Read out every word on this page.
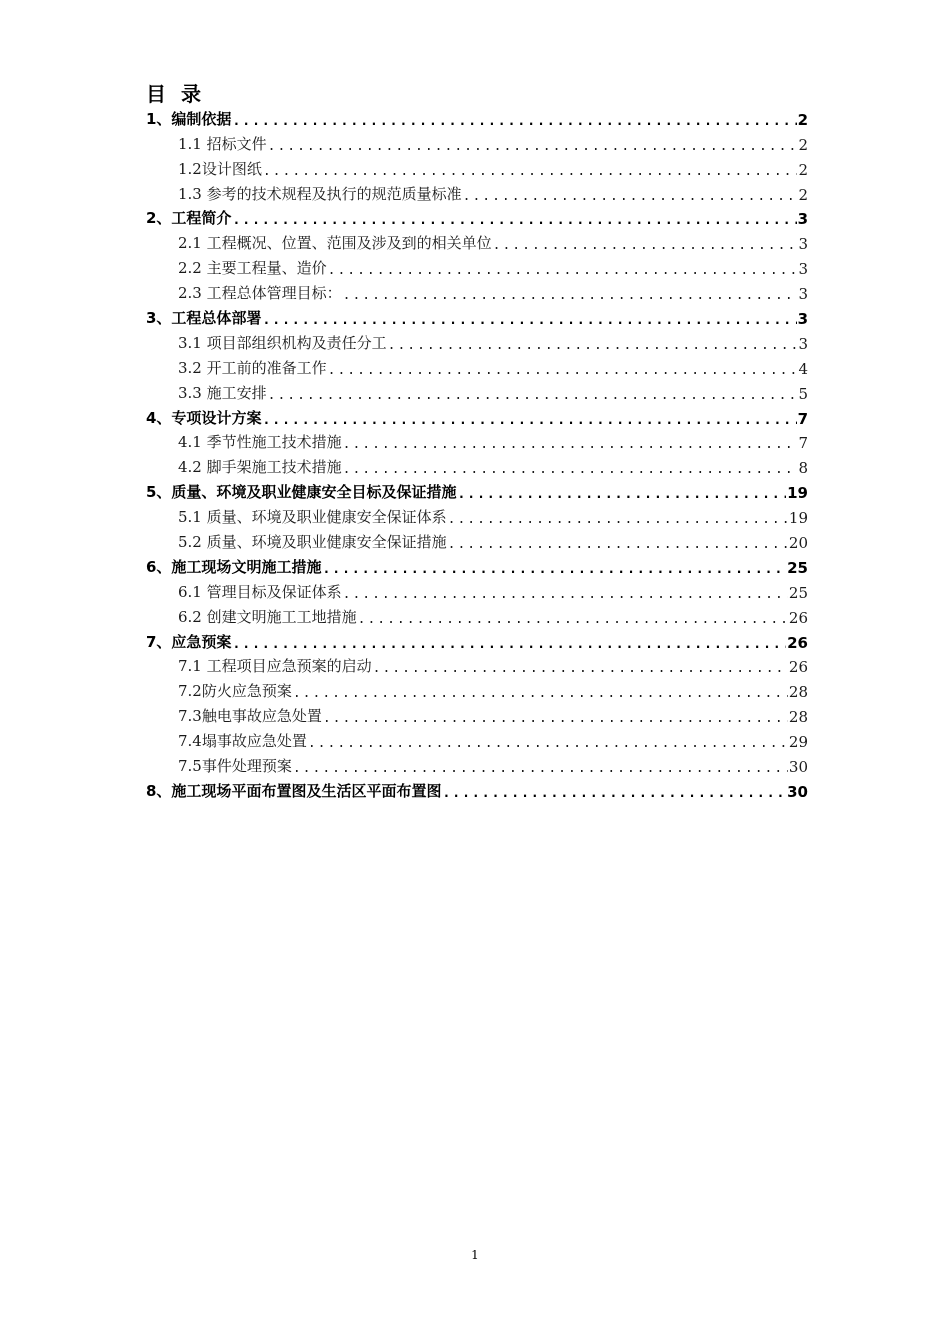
目 录
1、编制依据 .....	2
1.1 招标文件 .....	2
1.2设计图纸 .....	2
1.3 参考的技术规程及执行的规范质量标准 .....	2
2、工程简介 .....	3
2.1 工程概况、位置、范围及涉及到的相关单位 .....	3
2.2 主要工程量、造价 .....	3
2.3 工程总体管理目标： .....	3
3、工程总体部署 .....	3
3.1 项目部组织机构及责任分工 .....	3
3.2 开工前的准备工作 .....	4
3.3 施工安排 .....	5
4、专项设计方案 .....	7
4.1 季节性施工技术措施 .....	7
4.2 脚手架施工技术措施 .....	8
5、质量、环境及职业健康安全目标及保证措施 .....	19
5.1 质量、环境及职业健康安全保证体系 .....	19
5.2 质量、环境及职业健康安全保证措施 .....	20
6、施工现场文明施工措施 .....	25
6.1 管理目标及保证体系 .....	25
6.2 创建文明施工工地措施 .....	26
7、应急预案 .....	26
7.1 工程项目应急预案的启动 .....	26
7.2防火应急预案 .....	28
7.3触电事故应急处置 .....	28
7.4塌事故应急处置 .....	29
7.5事件处理预案 .....	30
8、施工现场平面布置图及生活区平面布置图 .....	30
1
